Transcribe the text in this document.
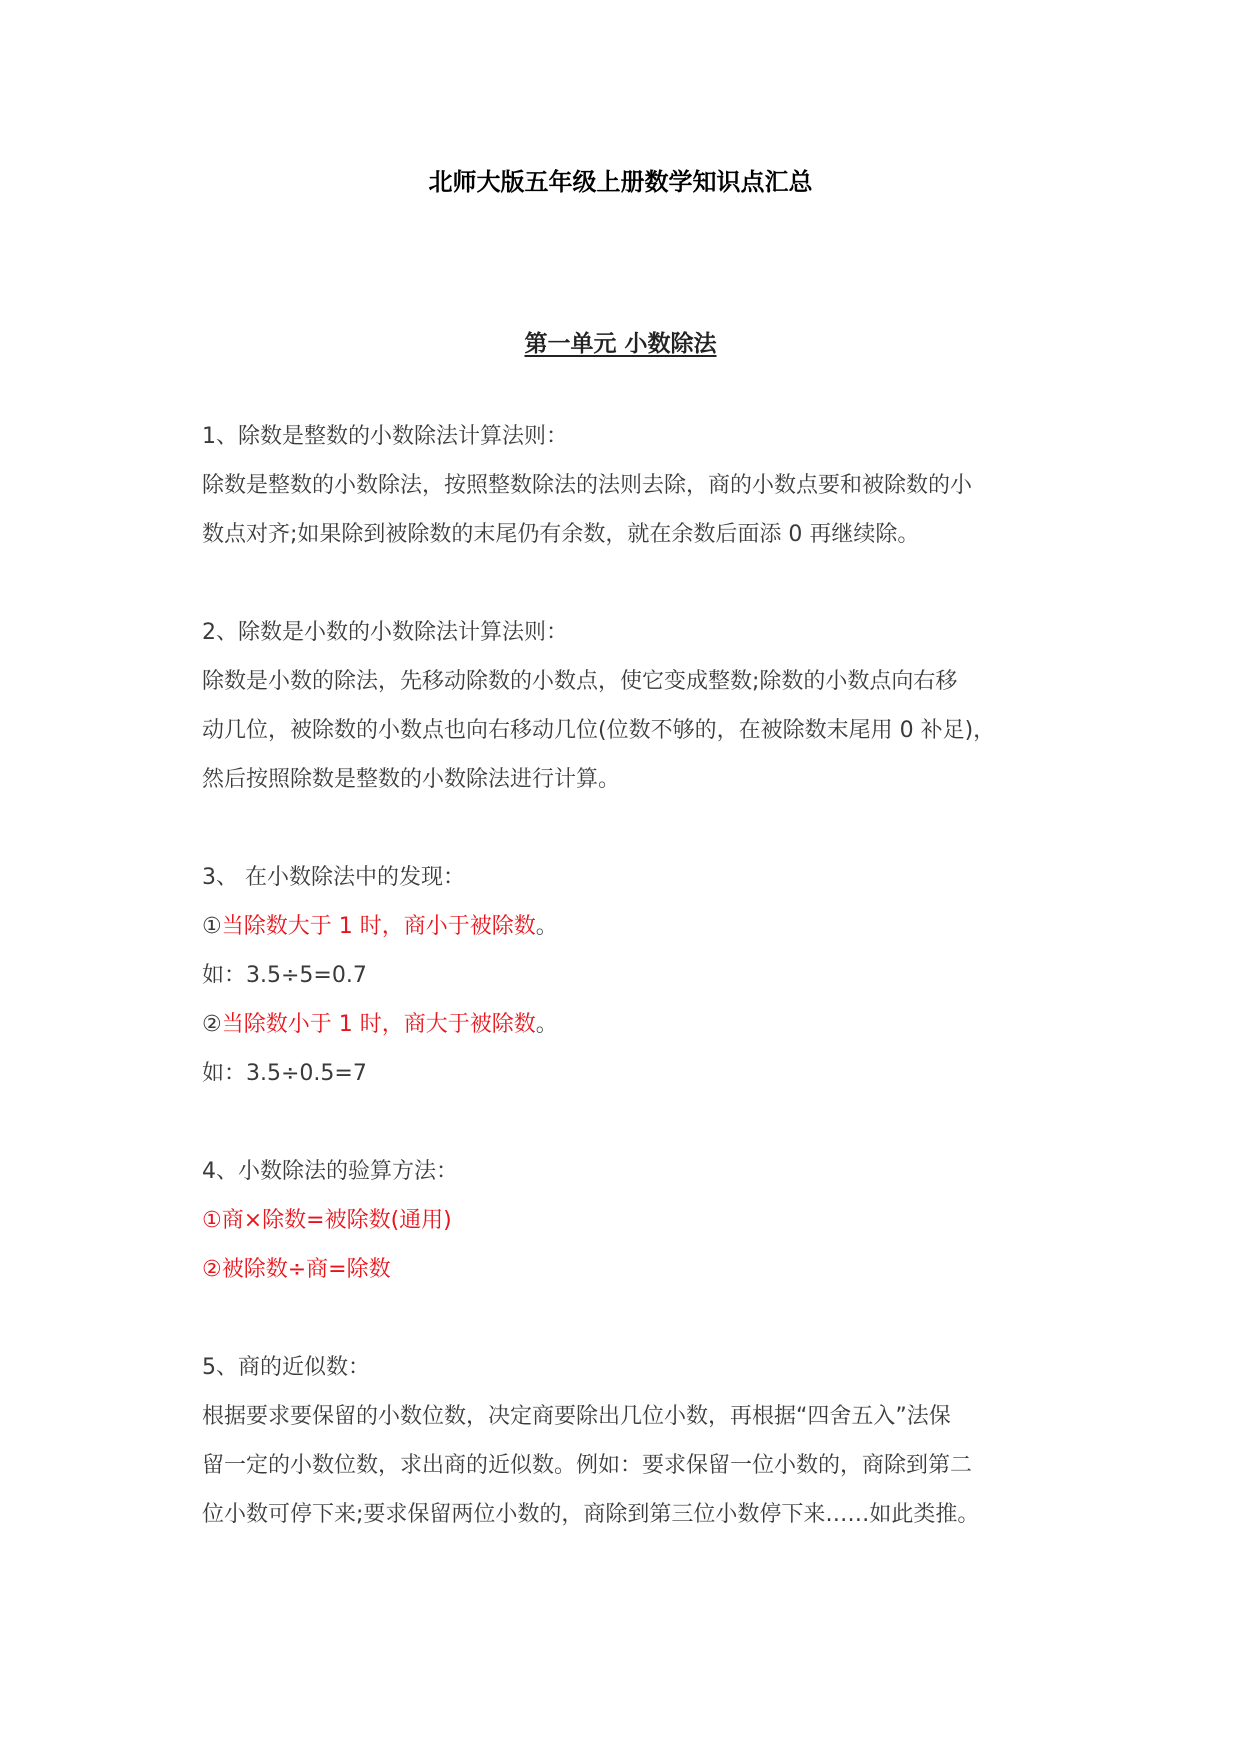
北师大版五年级上册数学知识点汇总
第一单元 小数除法
1、除数是整数的小数除法计算法则：
除数是整数的小数除法，按照整数除法的法则去除，商的小数点要和被除数的小
数点对齐;如果除到被除数的末尾仍有余数，就在余数后面添 0 再继续除。
2、除数是小数的小数除法计算法则：
除数是小数的除法，先移动除数的小数点，使它变成整数;除数的小数点向右移
动几位，被除数的小数点也向右移动几位(位数不够的，在被除数末尾用 0 补足)，
然后按照除数是整数的小数除法进行计算。
3、 在小数除法中的发现：
①当除数大于 1 时，商小于被除数。
如：3.5÷5=0.7
②当除数小于 1 时，商大于被除数。
如：3.5÷0.5=7
4、小数除法的验算方法：
①商×除数=被除数(通用)
②被除数÷商=除数
5、商的近似数：
根据要求要保留的小数位数，决定商要除出几位小数，再根据“四舍五入”法保
留一定的小数位数，求出商的近似数。例如：要求保留一位小数的，商除到第二
位小数可停下来;要求保留两位小数的，商除到第三位小数停下来……如此类推。
